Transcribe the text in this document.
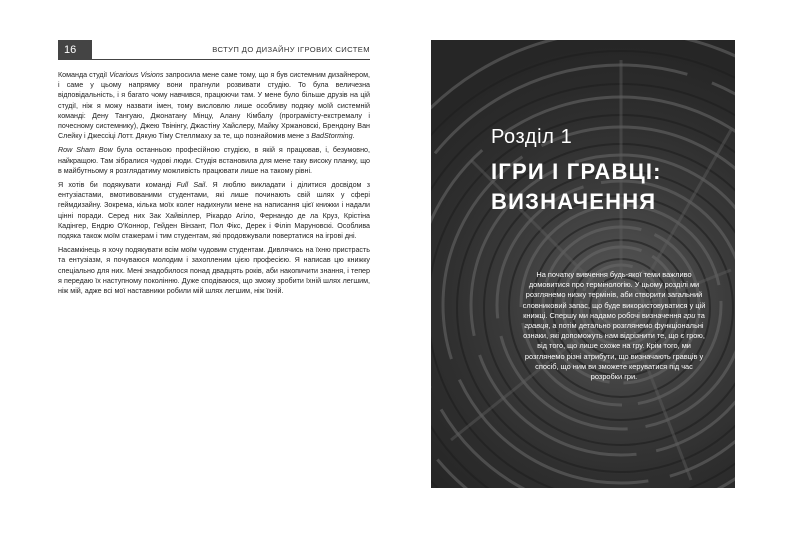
16	ВСТУП ДО ДИЗАЙНУ ІГРОВИХ СИСТЕМ

Команда студії Vicarious Visions запросила мене саме тому, що я був системним дизайнером, і саме у цьому напрямку вони прагнули розвивати студію. То була величезна відповідальність, і я багато чому навчився, працюючи там. У мене було більше друзів на цій студії, ніж я можу назвати імен, тому висловлю лише особливу подяку моїй системній команді: Дену Тангуаю, Джонатану Мінцу, Алану Кімбалу (програмісту-екстремалу і почесному системнику), Джею Твінінгу, Джастіну Хайслеру, Майку Хржановскі, Брендону Ван Слейку і Джессіці Лотт. Дякую Тіму Стеллмаху за те, що познайомив мене з BadStorming.

Row Sham Bow була останньою професійною студією, в якій я працював, і, безумовно, найкращою. Там зібралися чудові люди. Студія встановила для мене таку високу планку, що в майбутньому я розглядатиму можливість працювати лише на такому рівні.

Я хотів би подякувати команді Full Sail. Я люблю викладати і ділитися досвідом з ентузіастами, вмотивованими студентами, які лише починають свій шлях у сфері геймдизайну. Зокрема, кілька моїх колег надихнули мене на написання цієї книжки і надали цінні поради. Серед них Зак Хайвіллер, Рікардо Агіло, Фернандо де ла Круз, Крістіна Кадінгер, Ендрю О'Коннор, Гейден Вінзант, Пол Фікс, Дерек і Філіп Маруновскі. Особлива подяка також моїм стажерам і тим студентам, які продовжували повертатися на ігрові дні.

Насамкінець я хочу подякувати всім моїм чудовим студентам. Дивлячись на їхню пристрасть та ентузіазм, я почуваюся молодим і захопленим цією професією. Я написав цю книжку спеціально для них. Мені знадобилося понад двадцять років, аби накопичити знання, і тепер я передаю їх наступному поколінню. Дуже сподіваюся, що зможу зробити їхній шлях легшим, ніж мій, адже всі мої наставники робили мій шлях легшим, ніж їхній.

Розділ 1
ІГРИ І ГРАВЦІ:
ВИЗНАЧЕННЯ
На початку вивчення будь-якої теми важливо домовитися про термінологію. У цьому розділі ми розглянемо низку термінів, аби створити загальний словниковий запас, що буде використовуватися у цій книжці. Спершу ми надамо робочі визначення гри та гравця, а потім детально розглянемо функціональні ознаки, які допоможуть нам відрізнити те, що є грою, від того, що лише схоже на гру. Крім того, ми розглянемо різні атрибути, що визначають гравців у спосіб, що ним ви зможете керуватися під час розробки гри.
